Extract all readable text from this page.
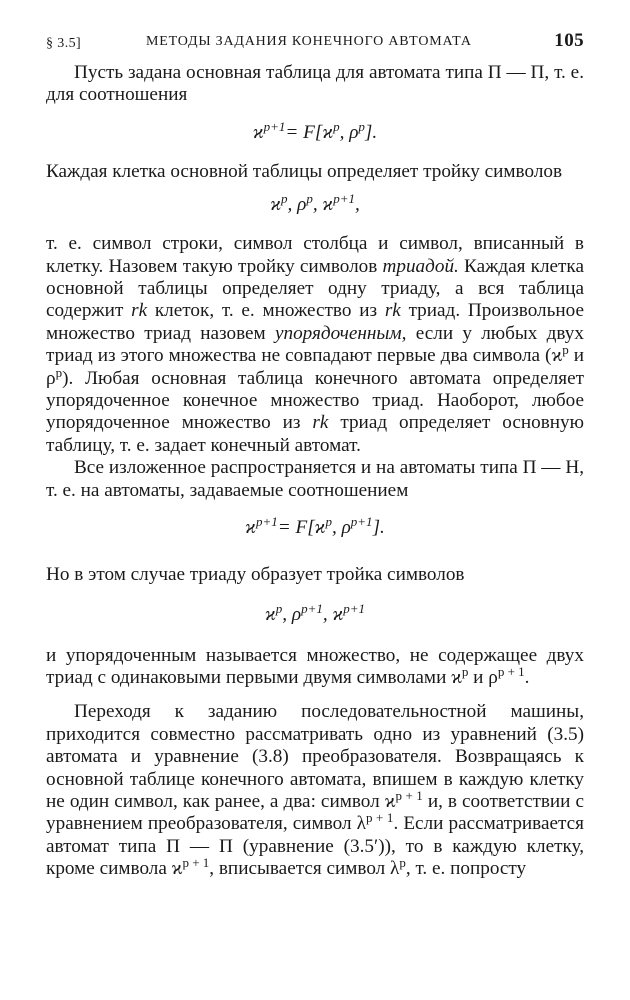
§ 3.5]	МЕТОДЫ ЗАДАНИЯ КОНЕЧНОГО АВТОМАТА	105

Пусть задана основная таблица для автомата типа П — П, т. е. для соотношения

$ϰ^{p+1}= F[ϰ^p$, $\rho^p$].

Каждая клетка основной таблицы определяет тройку символов

$ϰ^p$, $\rho^p$, $ϰ^{p+1}$,

т. е. символ строки, символ столбца и символ, вписанный в клетку. Назовем такую тройку символов триадой. Каждая клетка основной таблицы определяет одну триаду, а вся таблица содержит rk клеток, т. е. множество из rk триад. Произвольное множество триад назовем упорядоченным, если у любых двух триад из этого множества не совпадают первые два символа ($ϰ^p$ и $\rho^p$). Любая основная таблица конечного автомата определяет упорядоченное конечное множество триад. Наоборот, любое упорядоченное множество из rk триад определяет основную таблицу, т. е. задает конечный автомат.

Все изложенное распространяется и на автоматы типа П — Н, т. е. на автоматы, задаваемые соотношением

$ϰ^{p+1}= F[ϰ^p$, $\rho^{p+1}$].

Но в этом случае триаду образует тройка символов

$ϰ^p$, $\rho^{p+1}$, $ϰ^{p+1}$

и упорядоченным называется множество, не содержащее двух триад с одинаковыми первыми двумя символами $ϰ^p$ и $\rho^{p + 1}$.

Переходя к заданию последовательностной машины, приходится совместно рассматривать одно из уравнений (3.5) автомата и уравнение (3.8) преобразователя. Возвращаясь к основной таблице конечного автомата, впишем в каждую клетку не один символ, как ранее, а два: символ $ϰ^{p + 1}$ и, в соответствии с уравнением преобразователя, символ $\lambda^{p + 1}$. Если рассматривается автомат типа П — П (уравнение (3.5′)), то в каждую клетку, кроме символа $ϰ^{p + 1}$, вписывается символ $\lambda^p$, т. е. попросту
